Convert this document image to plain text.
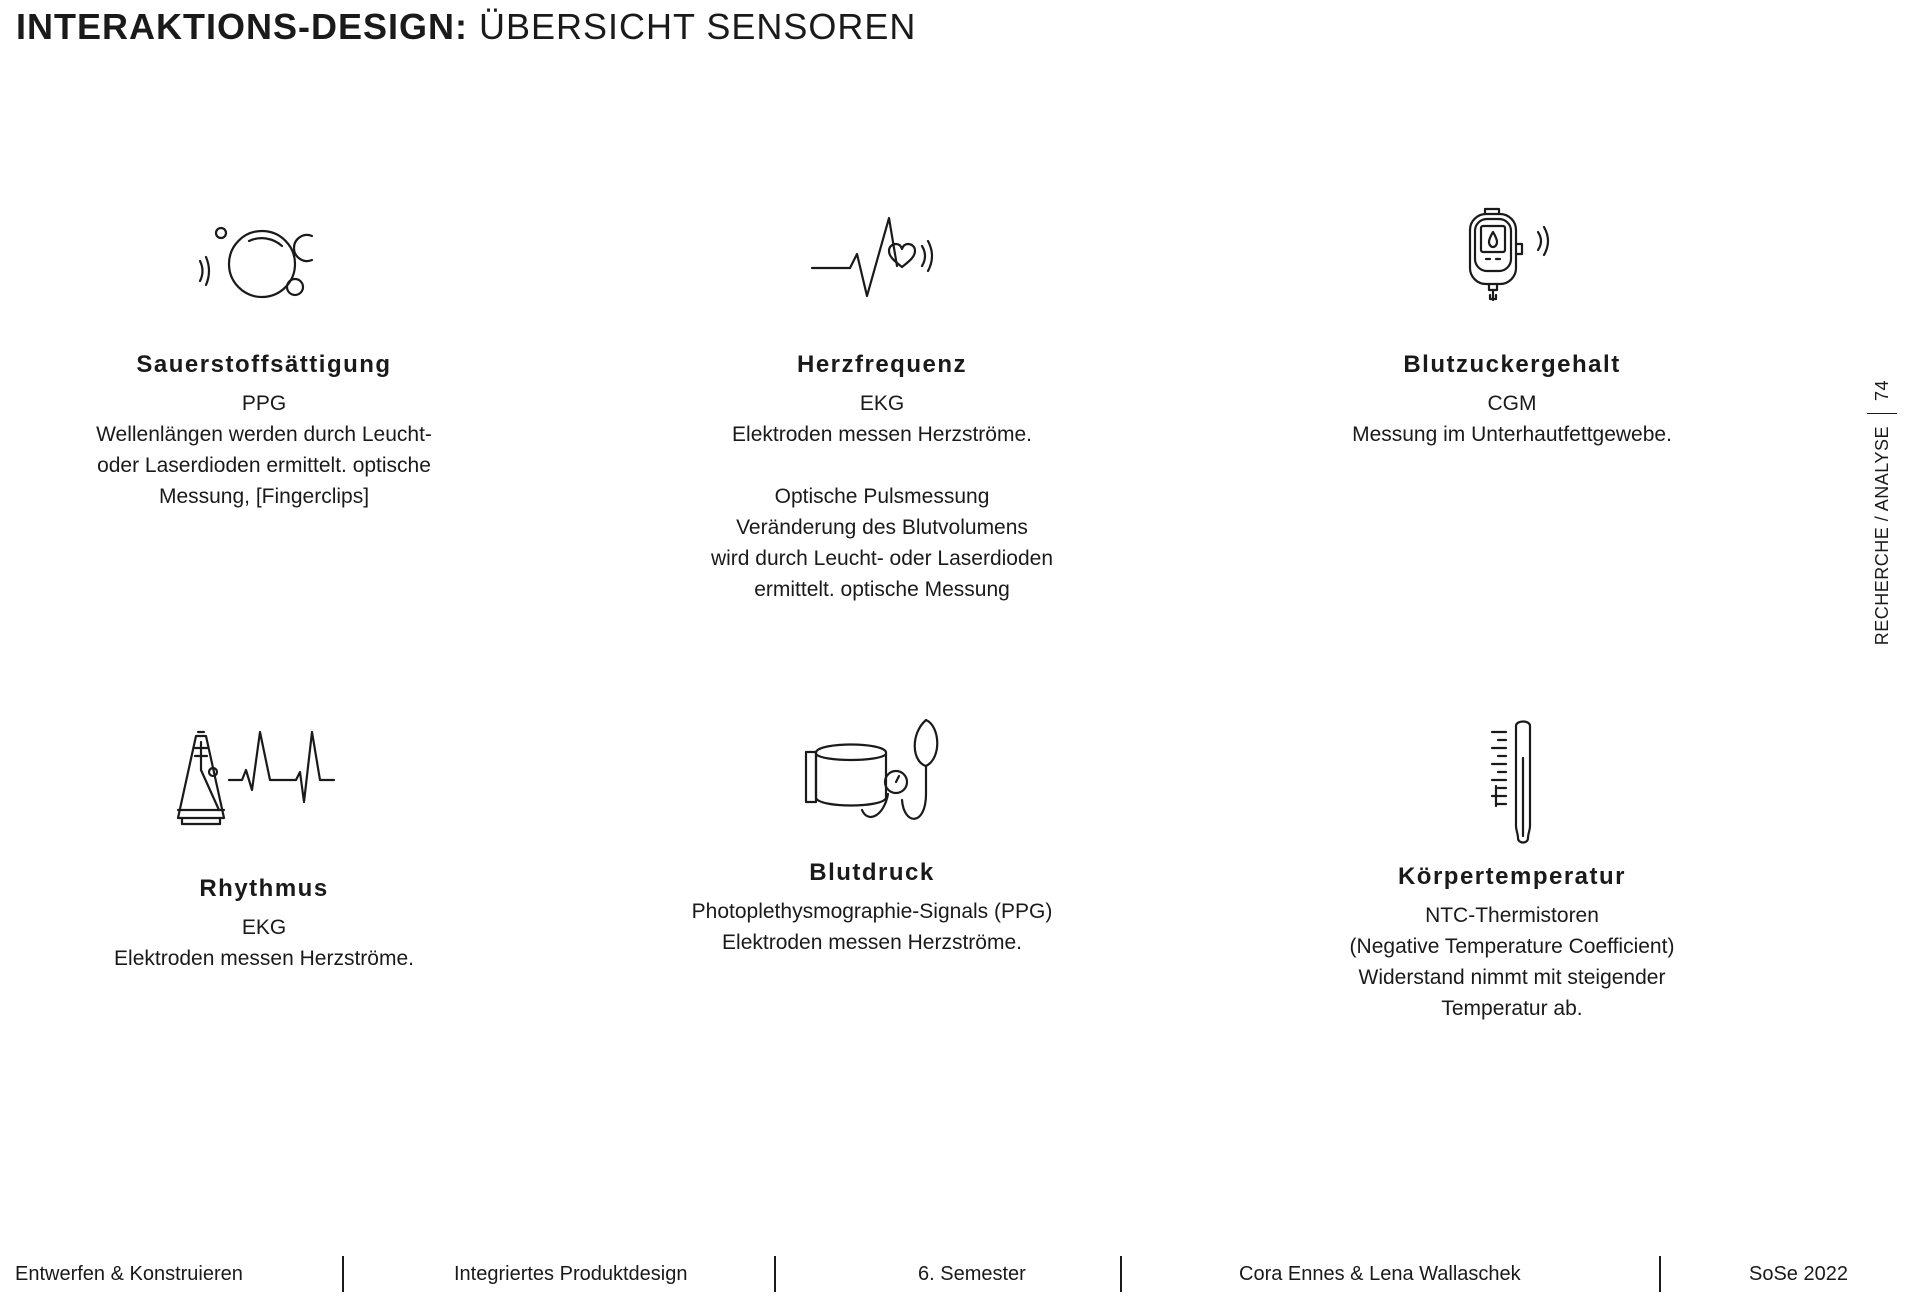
INTERAKTIONS-DESIGN: ÜBERSICHT SENSOREN
Sauerstoffsättigung

PPG

Wellenlängen werden durch Leucht-

oder Laserdioden ermittelt. optische

Messung, [Fingerclips]

Herzfrequenz

EKG

Elektroden messen Herzströme.

Optische Pulsmessung

Veränderung des Blutvolumens

wird durch Leucht- oder Laserdioden

ermittelt. optische Messung

Blutzuckergehalt

CGM

Messung im Unterhautfettgewebe.

Rhythmus

EKG

Elektroden messen Herzströme.

Blutdruck

Photoplethysmographie-Signals (PPG)

Elektroden messen Herzströme.

Körpertemperatur

NTC-Thermistoren

(Negative Temperature Coefficient)

Widerstand nimmt mit steigender

Temperatur ab.

RECHERCHE / ANALYSE
74
Entwerfen & Konstruieren	Integriertes Produktdesign	6. Semester	Cora Ennes & Lena Wallaschek	SoSe 2022
